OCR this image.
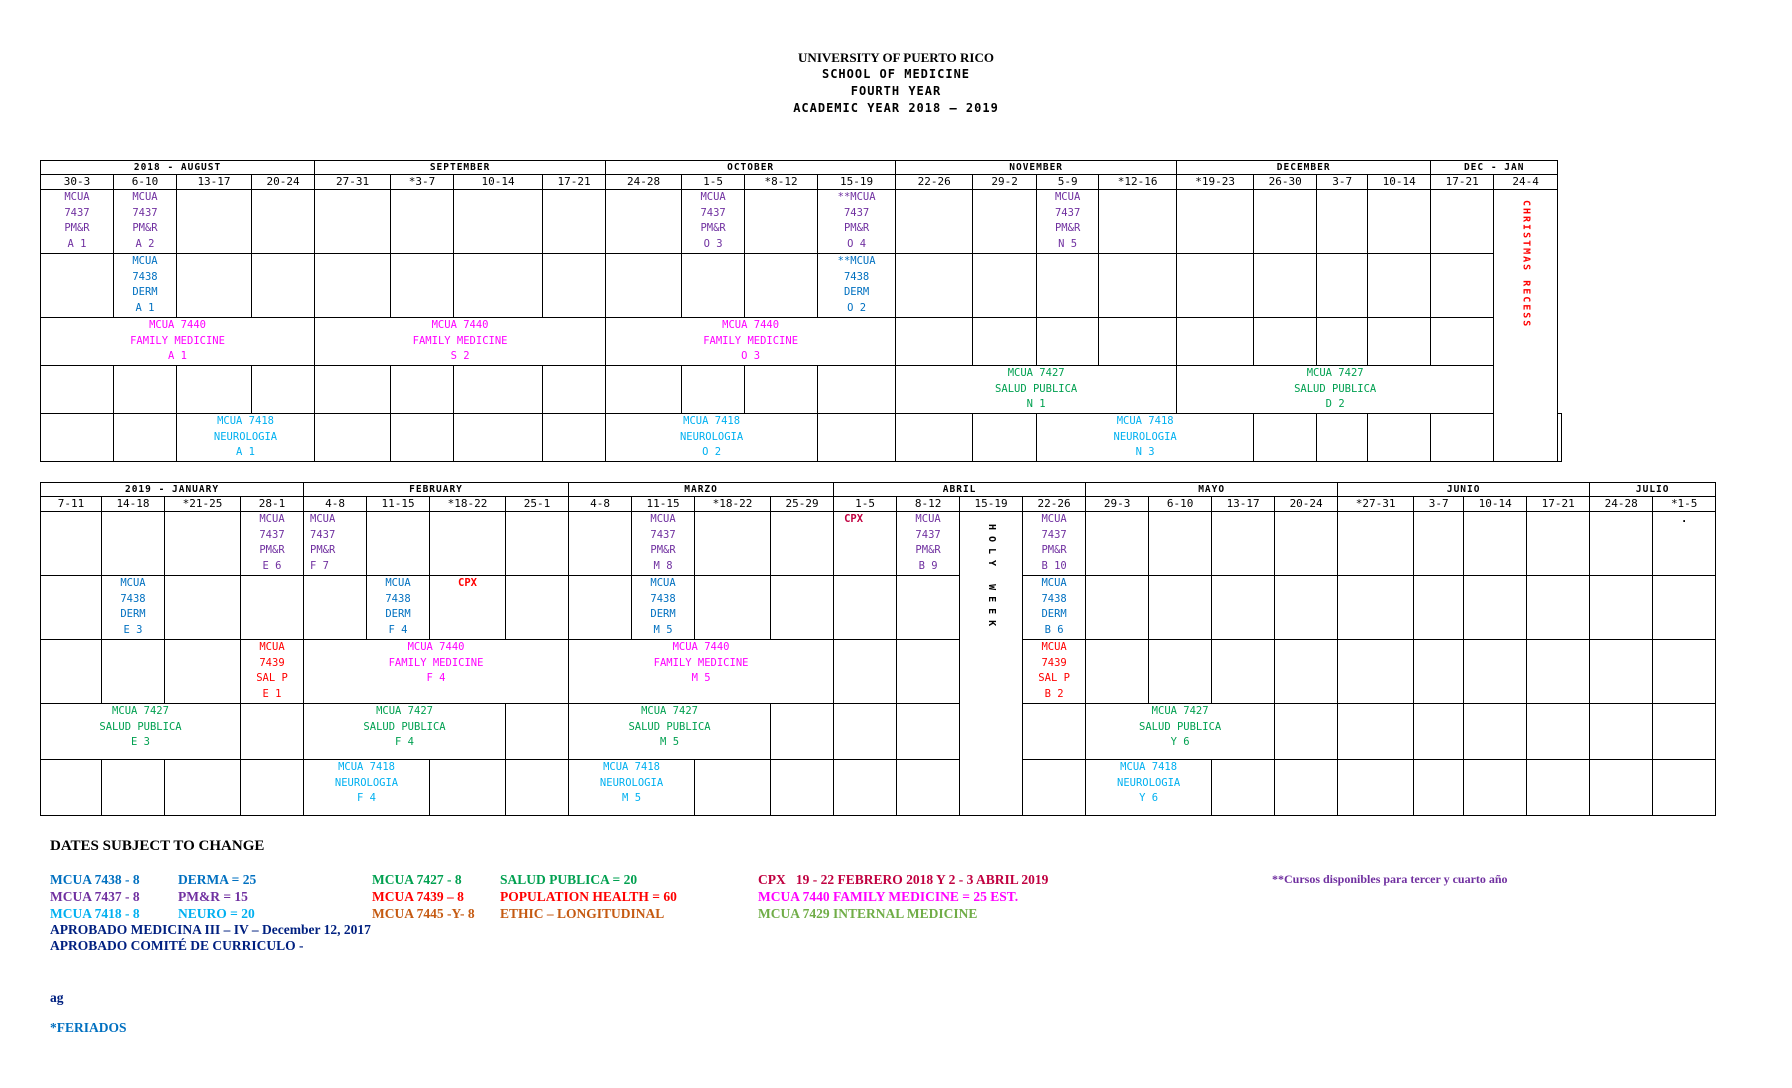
UNIVERSITY OF PUERTO RICO
SCHOOL OF MEDICINE
FOURTH YEAR
ACADEMIC YEAR 2018 – 2019
2018 - AUGUST				SEPTEMBER				OCTOBER				NOVEMBER				DECEMBER				DEC - JAN		
30-3	6-10	13-17	20-24	27-31	*3-7	10-14	17-21	24-28	1-5	*8-12	15-19	22-26	29-2	5-9	*12-16	*19-23	26-30	3-7	10-14	17-21	24-4	

MCUA
7437
PM&R
A 1	MCUA
7437
PM&R
A 2								MCUA
7437
PM&R
O 3		**MCUA
7437
PM&R
O 4			MCUA
7437
PM&R
N 5							CHRISTMAS RECESS	

	MCUA
7438
DERM
A 1										**MCUA
7438
DERM
O 2											

MCUA 7440
FAMILY MEDICINE
A 1				MCUA 7440
FAMILY MEDICINE
S 2				MCUA 7440
FAMILY MEDICINE
O 3														

												MCUA 7427
SALUD PUBLICA
N 1				MCUA 7427
SALUD PUBLICA
D 2						

		MCUA 7418
NEUROLOGIA
A 1						MCUA 7418
NEUROLOGIA
O 2						MCUA 7418
NEUROLOGIA
N 3								

2019 - JANUARY				FEBRUARY				MARZO				ABRIL				MAYO				JUNIO				JULIO	
7-11	14-18	*21-25	28-1	4-8	11-15	*18-22	25-1	4-8	11-15	*18-22	25-29	1-5	8-12	15-19	22-26	29-3	6-10	13-17	20-24	*27-31	3-7	10-14	17-21	24-28	*1-5

			MCUA
7437
PM&R
E 6	MCUA
7437
PM&R
F 7					MCUA
7437
PM&R
M 8			CPX	MCUA
7437
PM&R
B 9	HOLY WEEK	MCUA
7437
PM&R
B 10										.

	MCUA
7438
DERM
E 3				MCUA
7438
DERM
F 4	CPX			MCUA
7438
DERM
M 5						MCUA
7438
DERM
B 6										

			MCUA
7439
SAL P
E 1	MCUA 7440
FAMILY MEDICINE
F 4				MCUA 7440
FAMILY MEDICINE
M 5							MCUA
7439
SAL P
B 2										

MCUA 7427
SALUD PUBLICA
E 3				MCUA 7427
SALUD PUBLICA
F 4				MCUA 7427
SALUD PUBLICA
M 5								MCUA 7427
SALUD PUBLICA
Y 6									

				MCUA 7418
NEUROLOGIA
F 4				MCUA 7418
NEUROLOGIA
M 5								MCUA 7418
NEUROLOGIA
Y 6									

DATES SUBJECT TO CHANGE
MCUA 7438 - 8	DERMA = 25	MCUA 7427 - 8	SALUD PUBLICA = 20	CPX   19 - 22 FEBRERO 2018 Y 2 - 3 ABRIL 2019	**Cursos disponibles para tercer y cuarto año
MCUA 7437 - 8	PM&R = 15	MCUA 7439 – 8	POPULATION HEALTH = 60	MCUA 7440 FAMILY MEDICINE = 25 EST.
MCUA 7418 - 8	NEURO = 20	MCUA 7445 -Y- 8 ETHIC – LONGITUDINAL	MCUA 7429 INTERNAL MEDICINE
APROBADO MEDICINA III – IV – December 12, 2017
APROBADO COMITÉ DE CURRICULO -
ag
*FERIADOS
